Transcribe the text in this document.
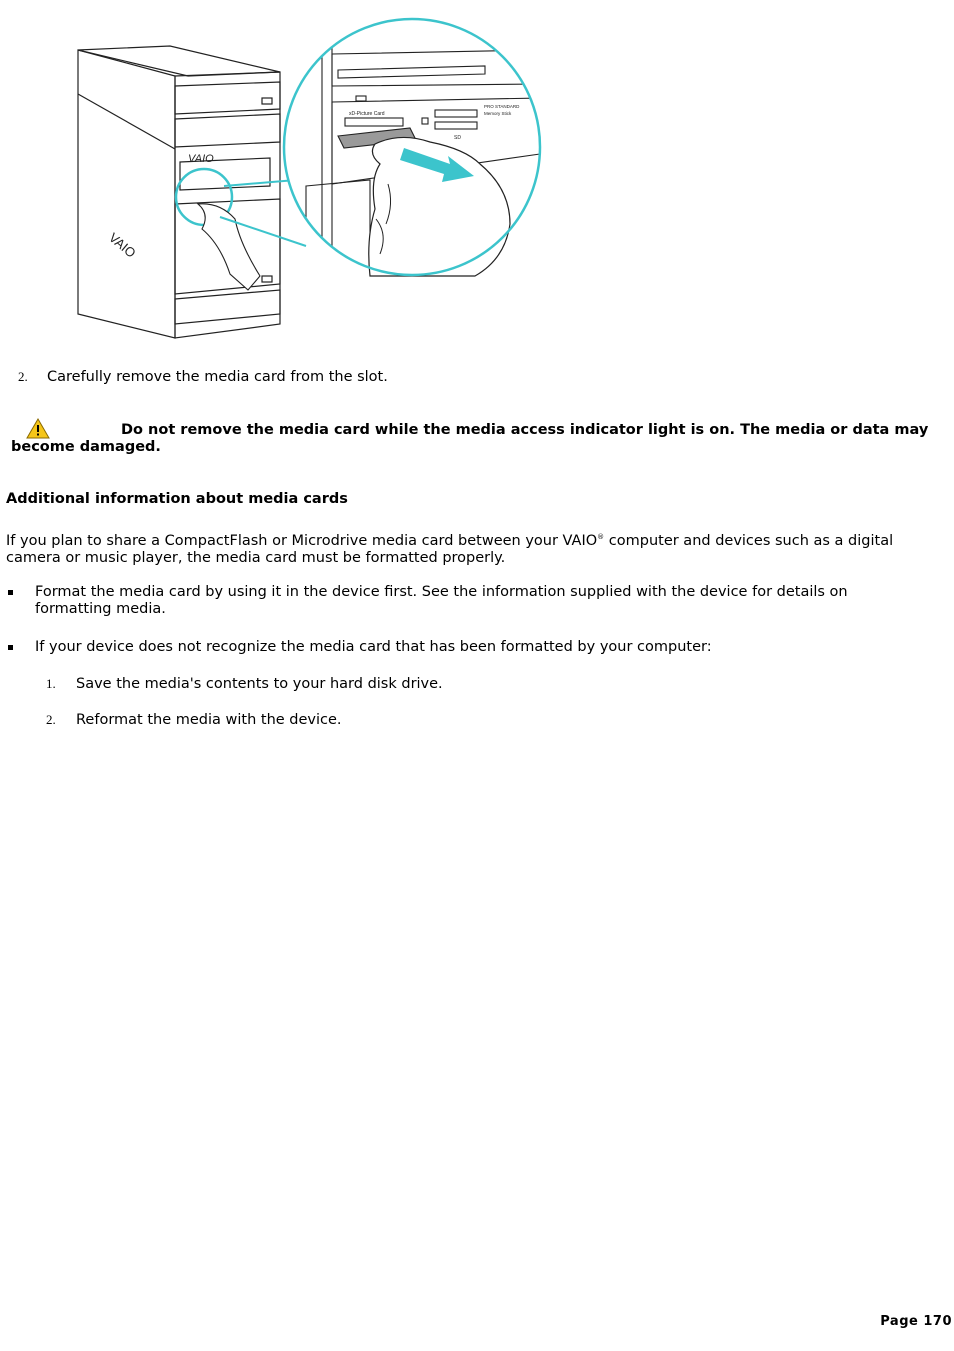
VAIO
VAIO
xD-Picture Card
PRO STANDARD
Memory Stick
SD
2. Carefully remove the media card from the slot.
Do not remove the media card while the media access indicator light is on. The media or data may
become damaged.
Additional information about media cards
If you plan to share a CompactFlash or Microdrive media card between your VAIO® computer and devices such as a digital
camera or music player, the media card must be formatted properly.
Format the media card by using it in the device first. See the information supplied with the device for details on
formatting media.
If your device does not recognize the media card that has been formatted by your computer:
1. Save the media's contents to your hard disk drive.
2. Reformat the media with the device.
Page 170
